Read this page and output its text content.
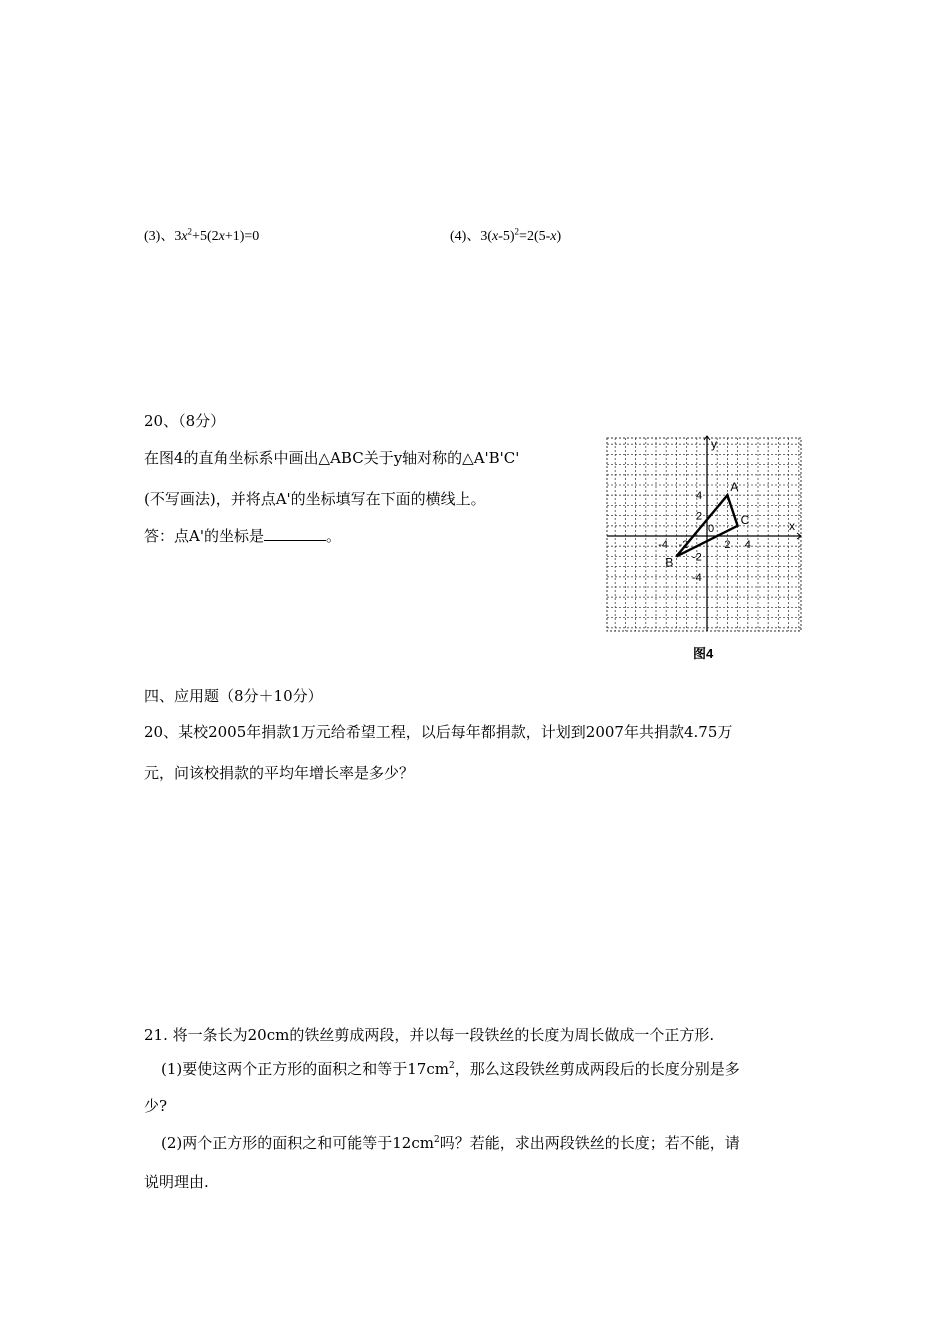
(3)、$3x^2+5(2x+1)=0$	(4)、$3(x-5)^2=2(5-x)$
20、（8分）
在图4的直角坐标系中画出△ABC关于y轴对称的△A'B'C'
(不写画法)，并将点A'的坐标填写在下面的横线上。
答：点A'的坐标是	。
x
y
0
-4 -2	2 4
4
2
-2
-4
A
B
C
图4
四、应用题（8分＋10分）
20、某校2005年捐款1万元给希望工程，以后每年都捐款，计划到2007年共捐款4.75万
元，问该校捐款的平均年增长率是多少？
21. 将一条长为20cm的铁丝剪成两段，并以每一段铁丝的长度为周长做成一个正方形.
(1)要使这两个正方形的面积之和等于$17cm^2$，那么这段铁丝剪成两段后的长度分别是多
少?
(2)两个正方形的面积之和可能等于$12cm^2$吗？若能，求出两段铁丝的长度；若不能，请
说明理由.
